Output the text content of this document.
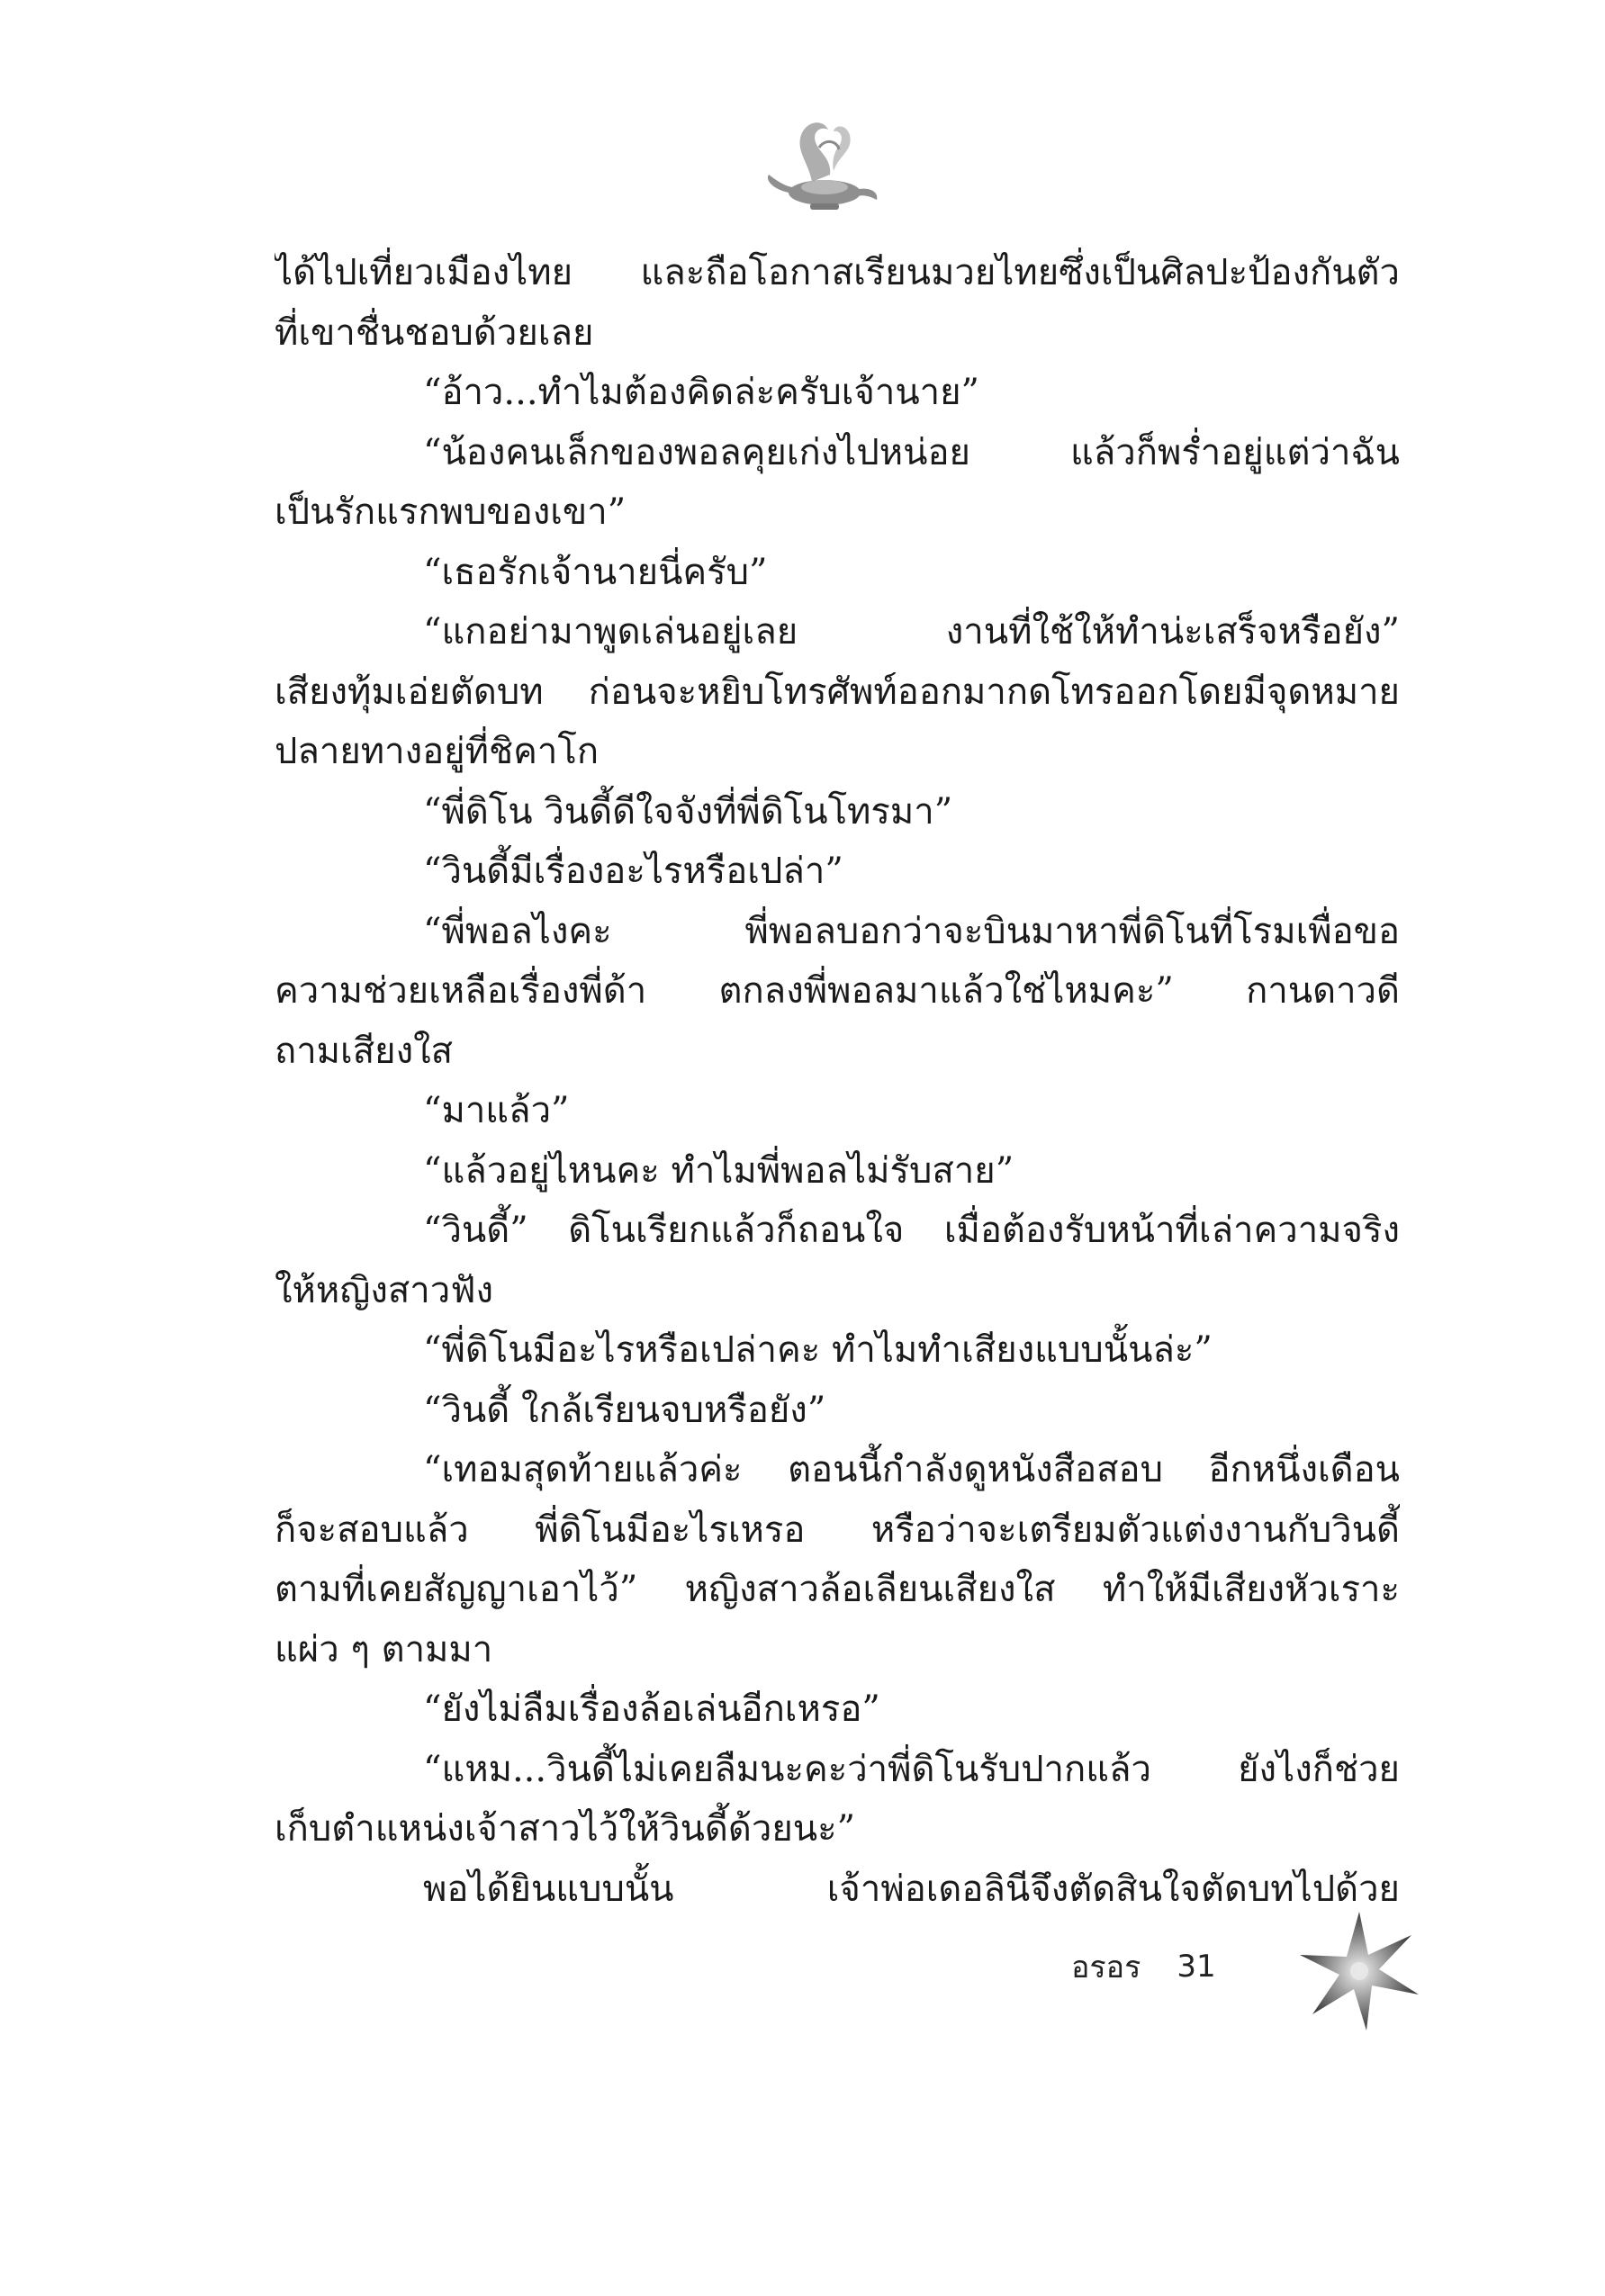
ได้ไปเที่ยวเมืองไทย และถือโอกาสเรียนมวยไทยซึ่งเป็นศิลปะป้องกันตัว
ที่เขาชื่นชอบด้วยเลย
“อ้าว...ทำไมต้องคิดล่ะครับเจ้านาย”
“น้องคนเล็กของพอลคุยเก่งไปหน่อย แล้วก็พร่ำอยู่แต่ว่าฉัน
เป็นรักแรกพบของเขา”
“เธอรักเจ้านายนี่ครับ”
“แกอย่ามาพูดเล่นอยู่เลย งานที่ใช้ให้ทำน่ะเสร็จหรือยัง”
เสียงทุ้มเอ่ยตัดบท ก่อนจะหยิบโทรศัพท์ออกมากดโทรออกโดยมีจุดหมาย
ปลายทางอยู่ที่ชิคาโก
“พี่ดิโน วินดี้ดีใจจังที่พี่ดิโนโทรมา”
“วินดี้มีเรื่องอะไรหรือเปล่า”
“พี่พอลไงคะ พี่พอลบอกว่าจะบินมาหาพี่ดิโนที่โรมเพื่อขอ
ความช่วยเหลือเรื่องพี่ด้า ตกลงพี่พอลมาแล้วใช่ไหมคะ” กานดาวดี
ถามเสียงใส
“มาแล้ว”
“แล้วอยู่ไหนคะ ทำไมพี่พอลไม่รับสาย”
“วินดี้” ดิโนเรียกแล้วก็ถอนใจ เมื่อต้องรับหน้าที่เล่าความจริง
ให้หญิงสาวฟัง
“พี่ดิโนมีอะไรหรือเปล่าคะ ทำไมทำเสียงแบบนั้นล่ะ”
“วินดี้ ใกล้เรียนจบหรือยัง”
“เทอมสุดท้ายแล้วค่ะ ตอนนี้กำลังดูหนังสือสอบ อีกหนึ่งเดือน
ก็จะสอบแล้ว พี่ดิโนมีอะไรเหรอ หรือว่าจะเตรียมตัวแต่งงานกับวินดี้
ตามที่เคยสัญญาเอาไว้” หญิงสาวล้อเลียนเสียงใส ทำให้มีเสียงหัวเราะ
แผ่ว ๆ ตามมา
“ยังไม่ลืมเรื่องล้อเล่นอีกเหรอ”
“แหม...วินดี้ไม่เคยลืมนะคะว่าพี่ดิโนรับปากแล้ว ยังไงก็ช่วย
เก็บตำแหน่งเจ้าสาวไว้ให้วินดี้ด้วยนะ”
พอได้ยินแบบนั้น เจ้าพ่อเดอลินีจึงตัดสินใจตัดบทไปด้วย
อรอร 31
